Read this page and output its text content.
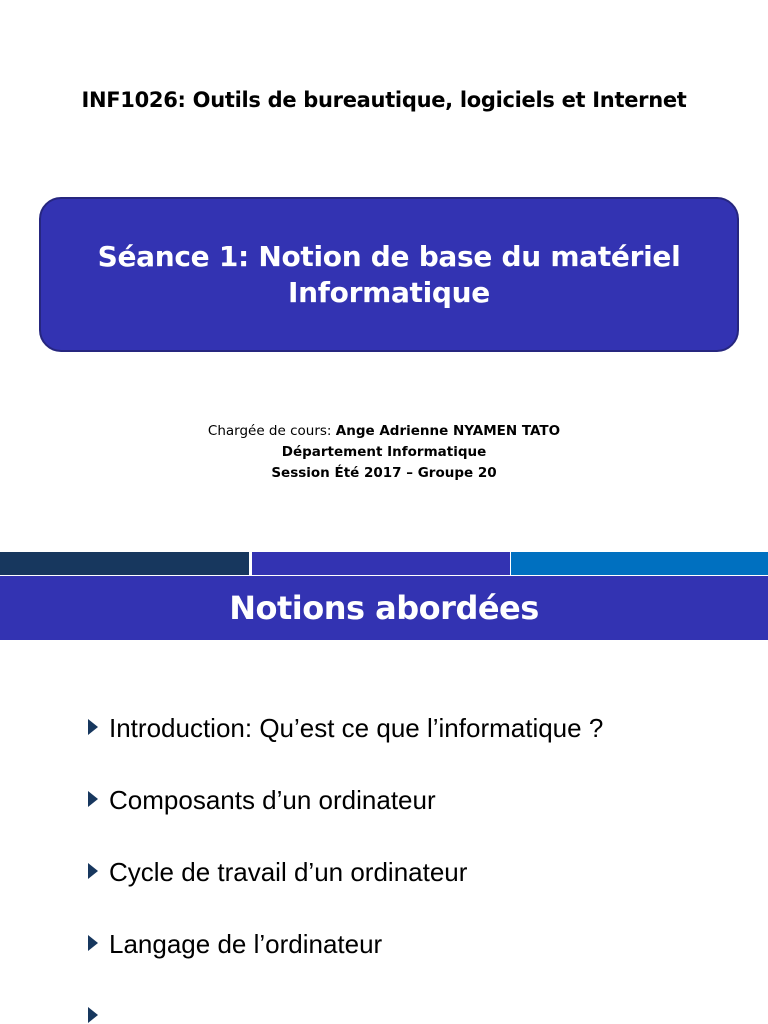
INF1026: Outils de bureautique, logiciels et Internet
Séance 1: Notion de base du matériel
Informatique
Chargée de cours: Ange Adrienne NYAMEN TATO
Département Informatique
Session Été 2017 – Groupe 20
Notions abordées
Introduction: Qu’est ce que l’informatique ?
Composants d’un ordinateur
Cycle de travail d’un ordinateur
Langage de l’ordinateur
